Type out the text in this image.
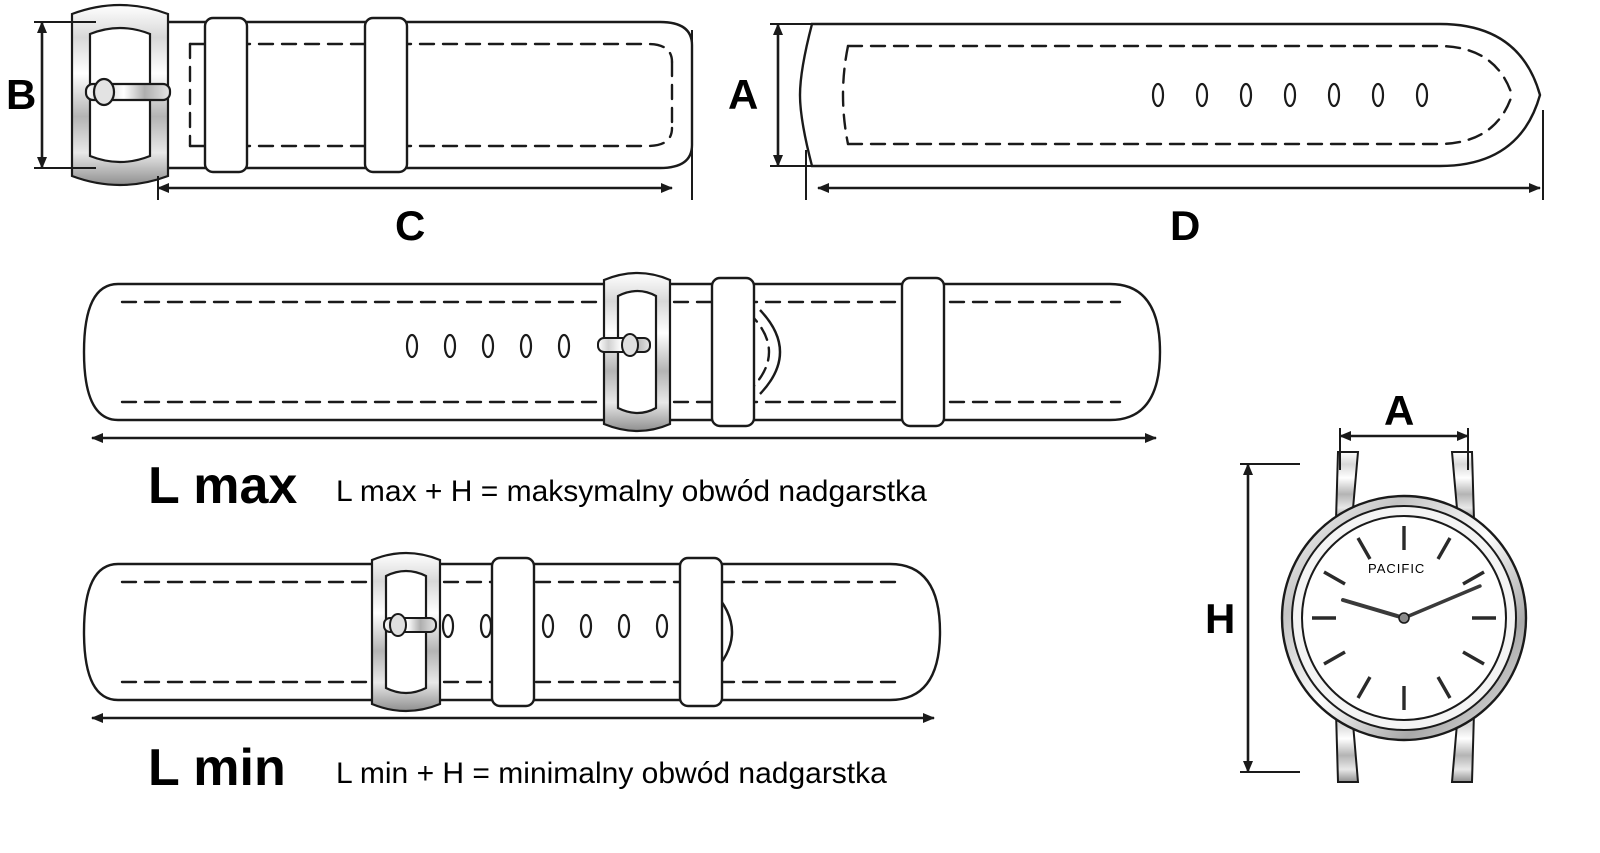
B
C
A
D
L max L max + H = maksymalny obwód nadgarstka
L min L min + H = minimalny obwód nadgarstka
A
H
PACIFIC
